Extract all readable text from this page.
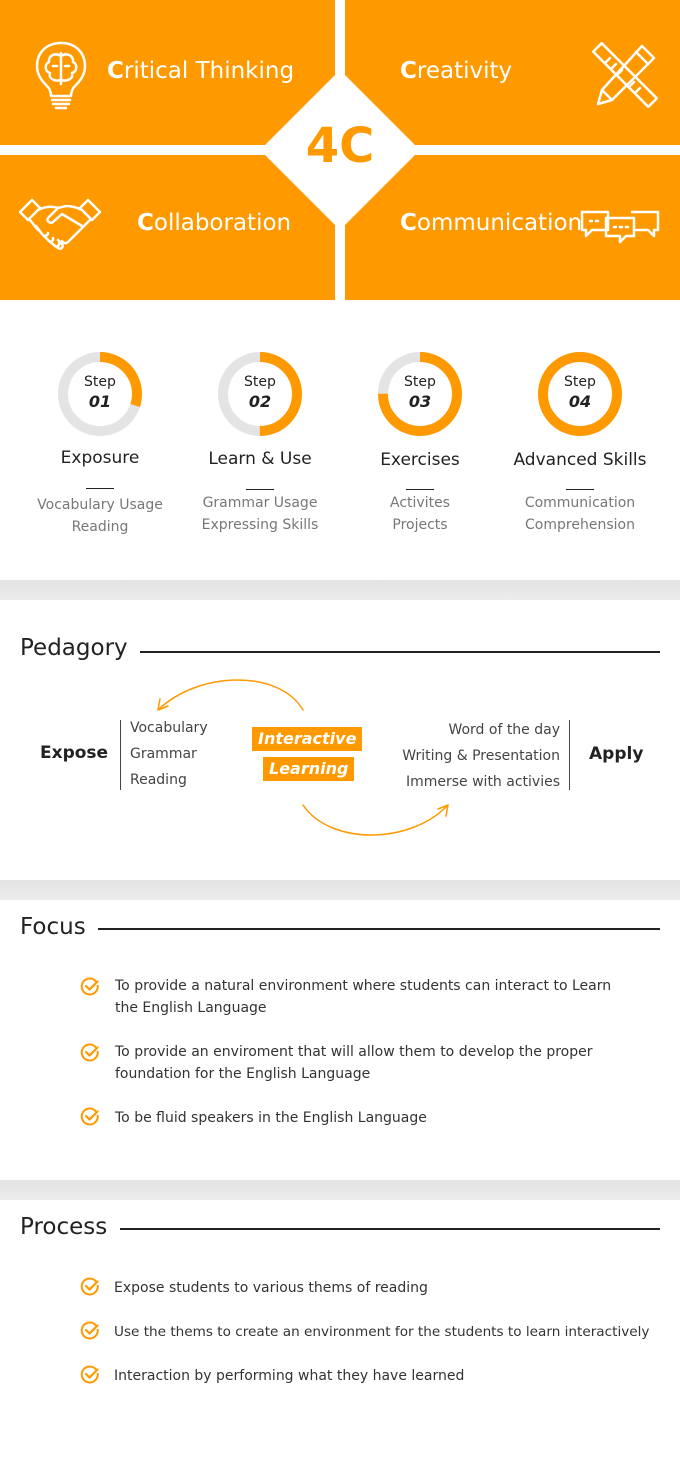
4C
Critical Thinking	Creativity
Collaboration	Communication
Step
01
Exposure
Vocabulary Usage
Reading
Step
02
Learn & Use
Grammar Usage
Expressing Skills
Step
03
Exercises
Activites
Projects
Step
04
Advanced Skills
Communication
Comprehension
Pedagory
Expose
Vocabulary
Grammar
Reading
Interactive
Learning
Word of the day
Writing & Presentation
Immerse with activies
Apply
Focus
To provide a natural environment where students can interact to Learn the English Language
To provide an enviroment that will allow them to develop the proper foundation for the English Language
To be fluid speakers in the English Language
Process
Expose students to various thems of reading
Use the thems to create an environment for the students to learn interactively
Interaction by performing what they have learned
